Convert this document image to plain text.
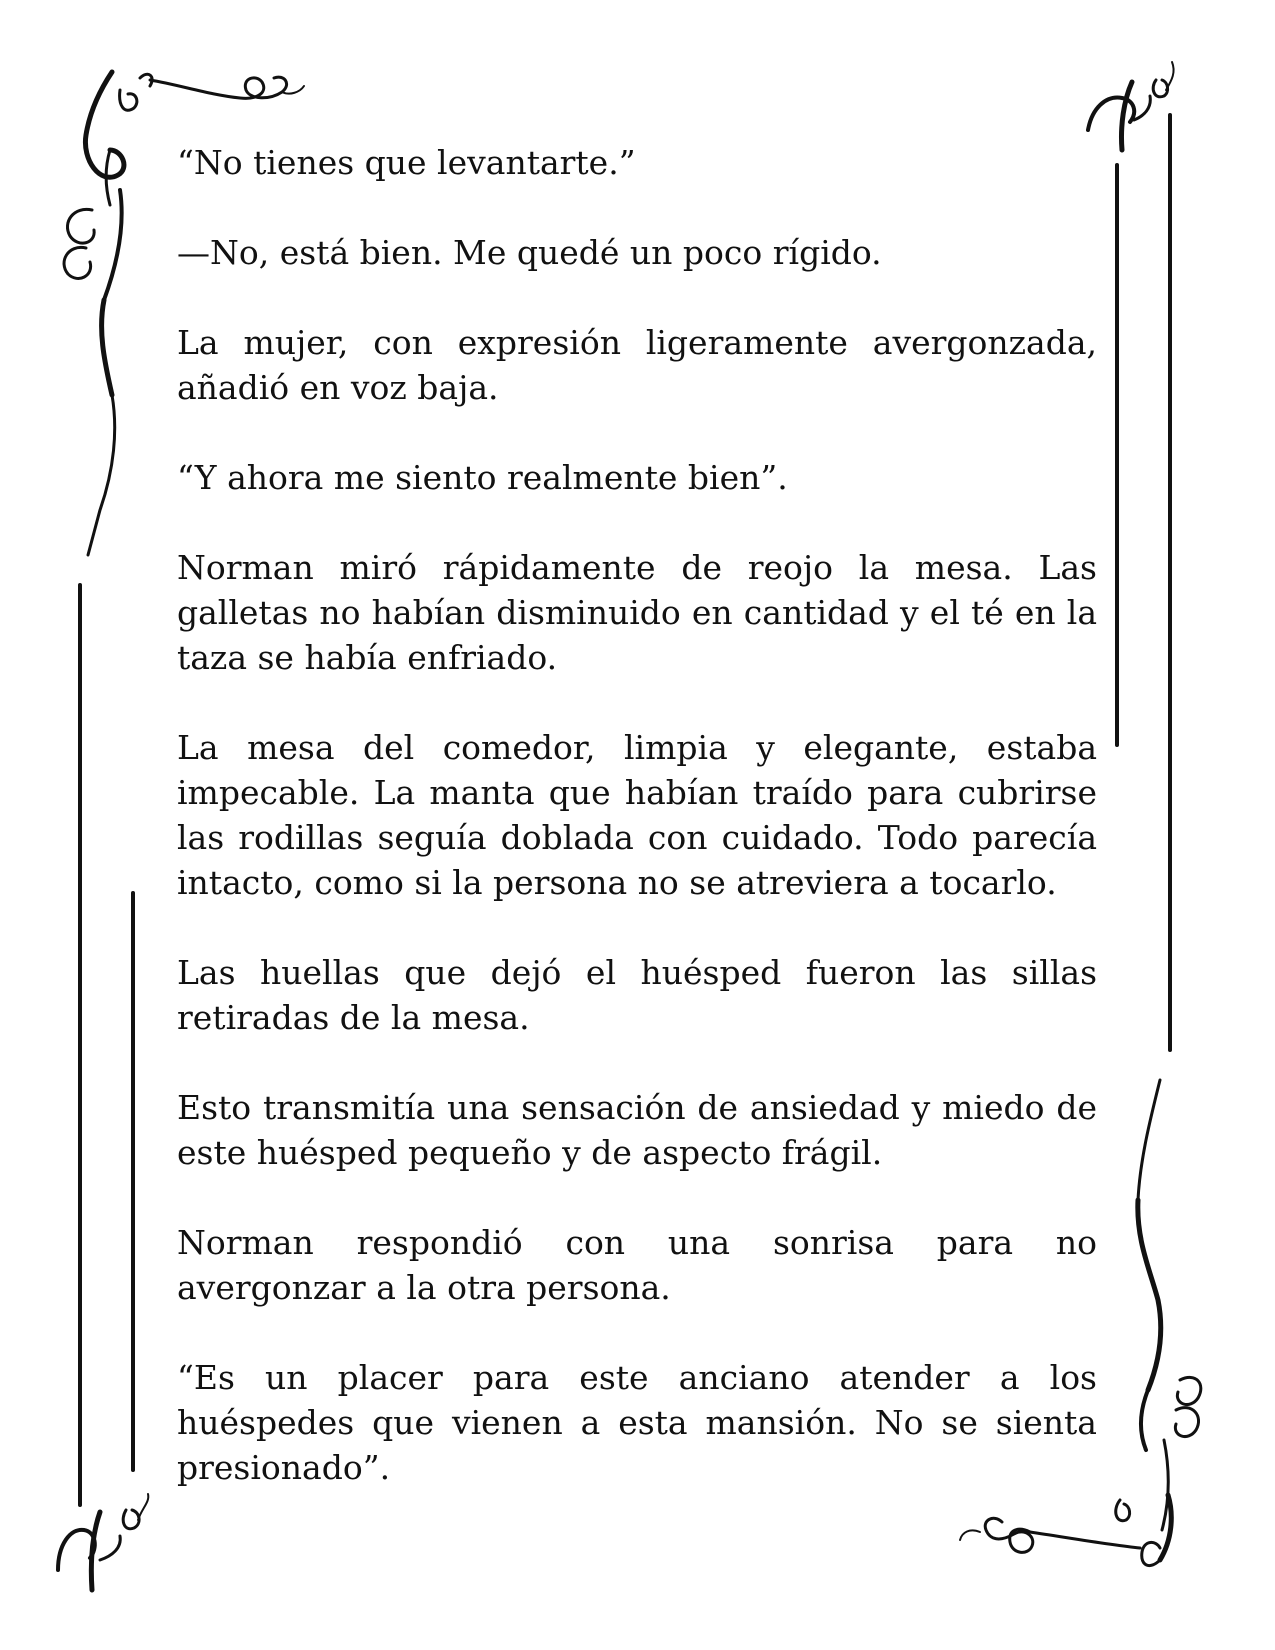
“No tienes que levantarte.”

—No, está bien. Me quedé un poco rígido.

La mujer, con expresión ligeramente avergonzada, añadió en voz baja.

“Y ahora me siento realmente bien”.

Norman miró rápidamente de reojo la mesa. Las galletas no habían disminuido en cantidad y el té en la taza se había enfriado.

La mesa del comedor, limpia y elegante, estaba impecable. La manta que habían traído para cubrirse las rodillas seguía doblada con cuidado. Todo parecía intacto, como si la persona no se atreviera a tocarlo.

Las huellas que dejó el huésped fueron las sillas retiradas de la mesa.

Esto transmitía una sensación de ansiedad y miedo de este huésped pequeño y de aspecto frágil.

Norman respondió con una sonrisa para no avergonzar a la otra persona.

“Es un placer para este anciano atender a los huéspedes que vienen a esta mansión. No se sienta presionado”.
